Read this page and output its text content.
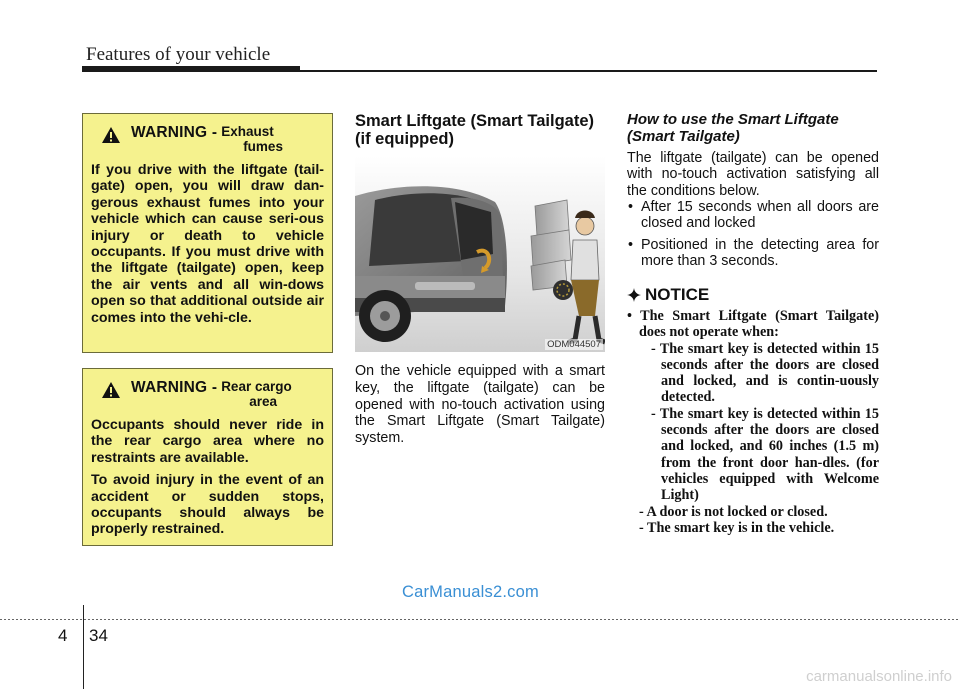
Features of your vehicle
WARNING - Exhaust
fumes

If you drive with the liftgate (tail-gate) open, you will draw dan-gerous exhaust fumes into your vehicle which can cause seri-ous injury or death to vehicle occupants. If you must drive with the liftgate (tailgate) open, keep the air vents and all win-dows open so that additional outside air comes into the vehi-cle.

WARNING - Rear cargo
area

Occupants should never ride in the rear cargo area where no restraints are available.

To avoid injury in the event of an accident or sudden stops, occupants should always be properly restrained.

Smart Liftgate (Smart Tailgate)
(if equipped)
ODM044507

On the vehicle equipped with a smart key, the liftgate (tailgate) can be opened with no-touch activation using the Smart Liftgate (Smart Tailgate) system.

How to use the Smart Liftgate
(Smart Tailgate)

The liftgate (tailgate) can be opened with no-touch activation satisfying all the conditions below.

• After 15 seconds when all doors are closed and locked
• Positioned in the detecting area for more than 3 seconds.
NOTICE
• The Smart Liftgate (Smart Tailgate) does not operate when:
- The smart key is detected within 15 seconds after the doors are closed and locked, and is contin-uously detected.
- The smart key is detected within 15 seconds after the doors are closed and locked, and 60 inches (1.5 m) from the front door han-dles. (for vehicles equipped with Welcome Light)
- A door is not locked or closed.
- The smart key is in the vehicle.
CarManuals2.com
4 34
carmanualsonline.info
